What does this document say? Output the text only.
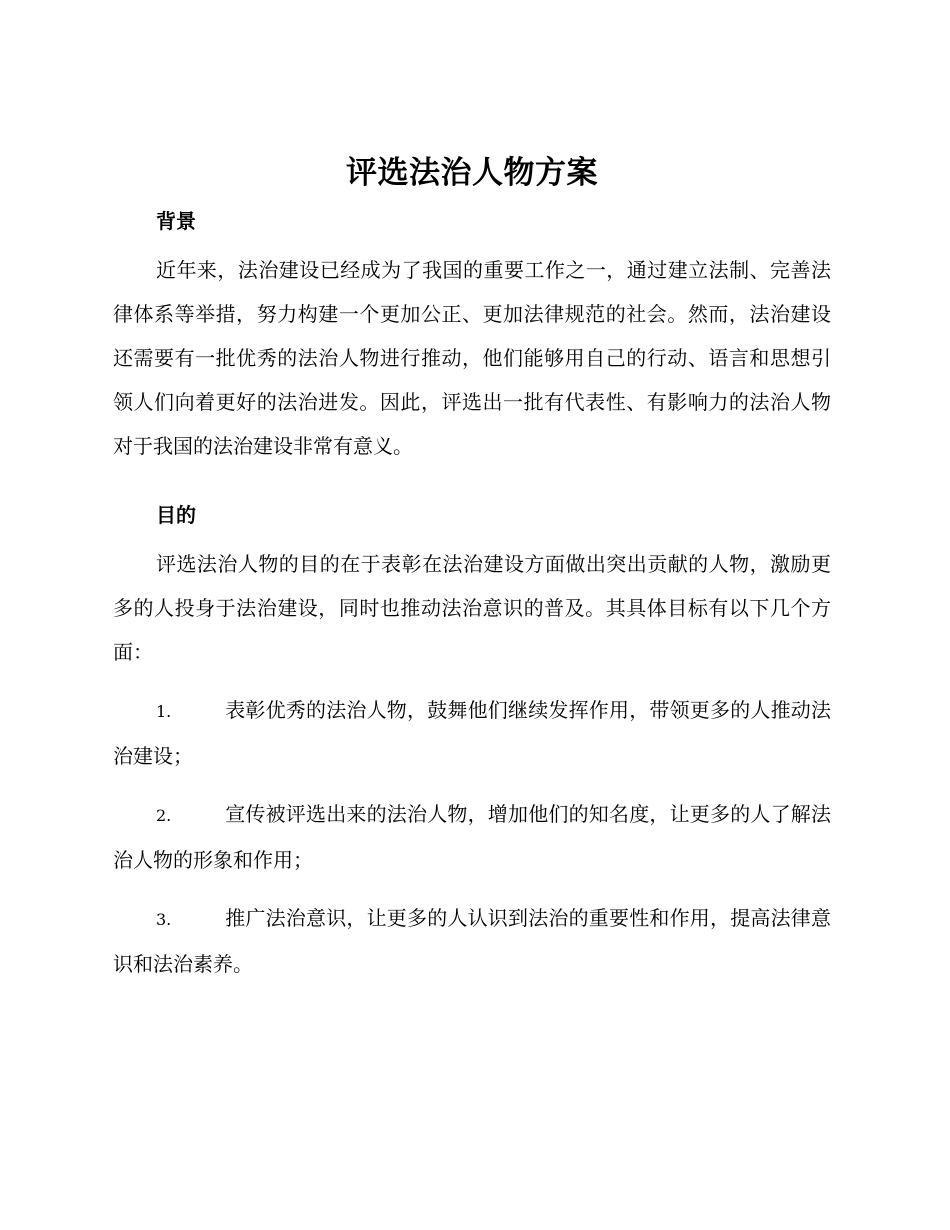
评选法治人物方案
背景

近年来，法治建设已经成为了我国的重要工作之一，通过建立法制、完善法律体系等举措，努力构建一个更加公正、更加法律规范的社会。然而，法治建设还需要有一批优秀的法治人物进行推动，他们能够用自己的行动、语言和思想引领人们向着更好的法治进发。因此，评选出一批有代表性、有影响力的法治人物对于我国的法治建设非常有意义。

目的

评选法治人物的目的在于表彰在法治建设方面做出突出贡献的人物，激励更多的人投身于法治建设，同时也推动法治意识的普及。其具体目标有以下几个方面：

1.	表彰优秀的法治人物，鼓舞他们继续发挥作用，带领更多的人推动法治建设；

2.	宣传被评选出来的法治人物，增加他们的知名度，让更多的人了解法治人物的形象和作用；

3.	推广法治意识，让更多的人认识到法治的重要性和作用，提高法律意识和法治素养。
